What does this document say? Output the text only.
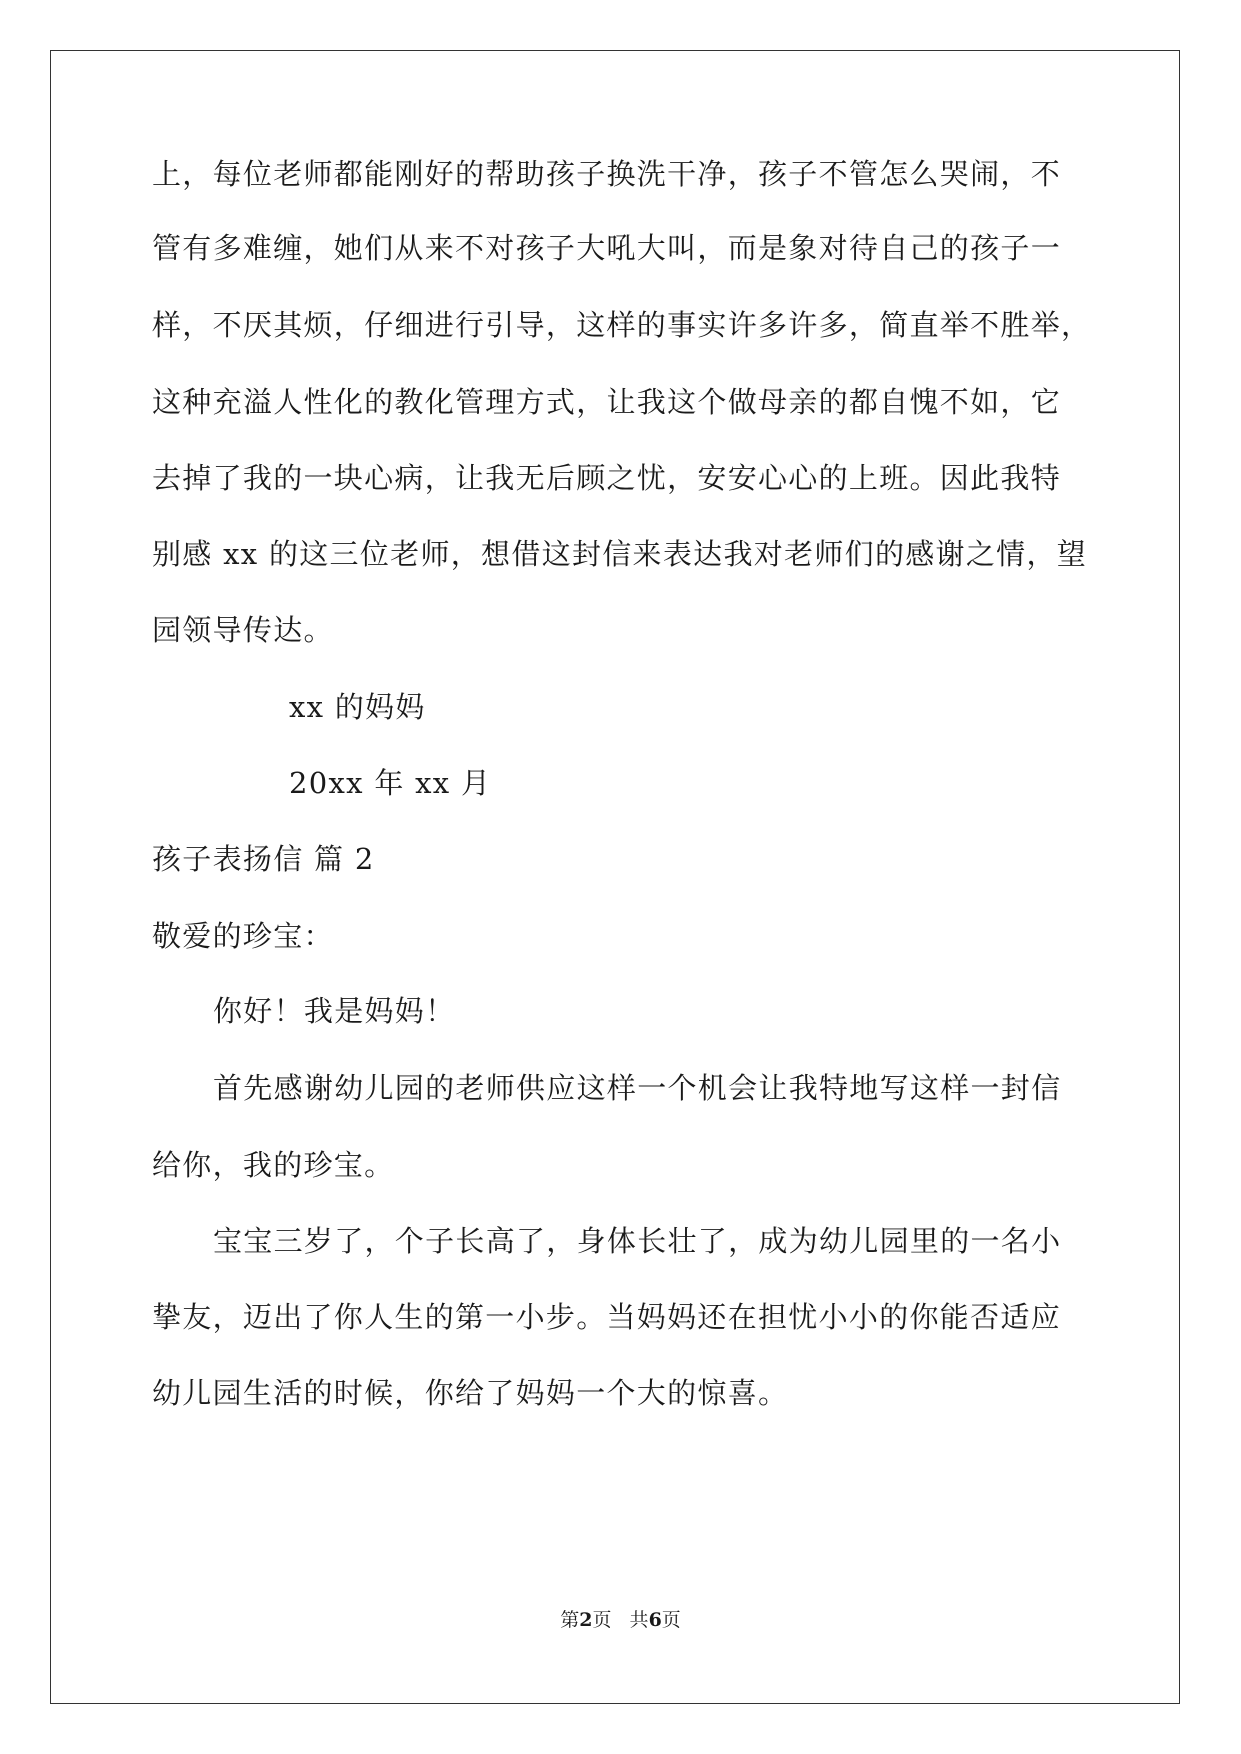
上，每位老师都能刚好的帮助孩子换洗干净，孩子不管怎么哭闹，不
管有多难缠，她们从来不对孩子大吼大叫，而是象对待自己的孩子一
样，不厌其烦，仔细进行引导，这样的事实许多许多，简直举不胜举，
这种充溢人性化的教化管理方式，让我这个做母亲的都自愧不如，它
去掉了我的一块心病，让我无后顾之忧，安安心心的上班。因此我特
别感 xx 的这三位老师，想借这封信来表达我对老师们的感谢之情，望
园领导传达。
xx 的妈妈
20xx 年 xx 月
孩子表扬信 篇 2
敬爱的珍宝：
你好！我是妈妈！
首先感谢幼儿园的老师供应这样一个机会让我特地写这样一封信
给你，我的珍宝。
宝宝三岁了，个子长高了，身体长壮了，成为幼儿园里的一名小
挚友，迈出了你人生的第一小步。当妈妈还在担忧小小的你能否适应
幼儿园生活的时候，你给了妈妈一个大的惊喜。
第2页   共6页
